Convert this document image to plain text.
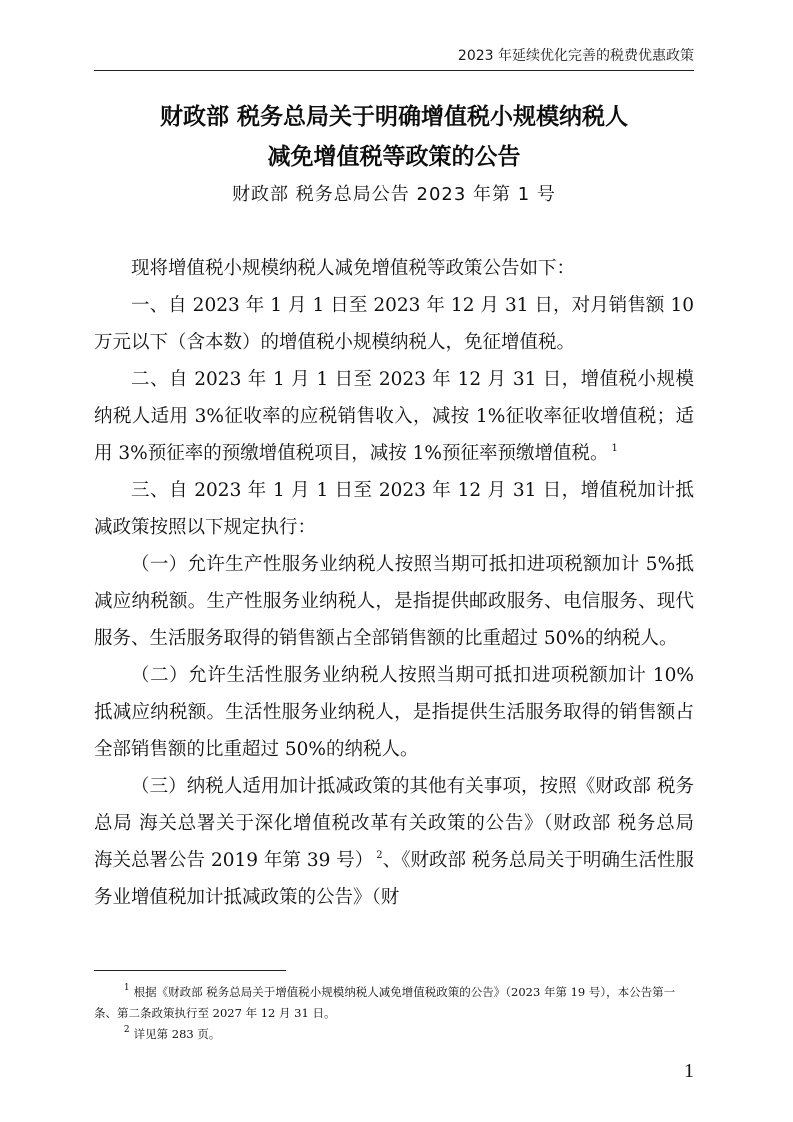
2023 年延续优化完善的税费优惠政策
财政部 税务总局关于明确增值税小规模纳税人
减免增值税等政策的公告
财政部 税务总局公告 2023 年第 1 号

现将增值税小规模纳税人减免增值税等政策公告如下：

一、自 2023 年 1 月 1 日至 2023 年 12 月 31 日，对月销售额 10 万元以下（含本数）的增值税小规模纳税人，免征增值税。

二、自 2023 年 1 月 1 日至 2023 年 12 月 31 日，增值税小规模纳税人适用 3%征收率的应税销售收入，减按 1%征收率征收增值税；适用 3%预征率的预缴增值税项目，减按 1%预征率预缴增值税。 $^1$

三、自 2023 年 1 月 1 日至 2023 年 12 月 31 日，增值税加计抵减政策按照以下规定执行：

（一）允许生产性服务业纳税人按照当期可抵扣进项税额加计 5%抵减应纳税额。生产性服务业纳税人，是指提供邮政服务、电信服务、现代服务、生活服务取得的销售额占全部销售额的比重超过 50%的纳税人。

（二）允许生活性服务业纳税人按照当期可抵扣进项税额加计 10%抵减应纳税额。生活性服务业纳税人，是指提供生活服务取得的销售额占全部销售额的比重超过 50%的纳税人。

（三）纳税人适用加计抵减政策的其他有关事项，按照《财政部 税务总局 海关总署关于深化增值税改革有关政策的公告》（财政部 税务总局 海关总署公告 2019 年第 39 号） $^2$、《财政部 税务总局关于明确生活性服务业增值税加计抵减政策的公告》（财

$^1$ 根据《财政部 税务总局关于增值税小规模纳税人减免增值税政策的公告》（2023 年第 19 号），本公告第一条、第二条政策执行至 2027 年 12 月 31 日。

$^2$ 详见第 283 页。

1
